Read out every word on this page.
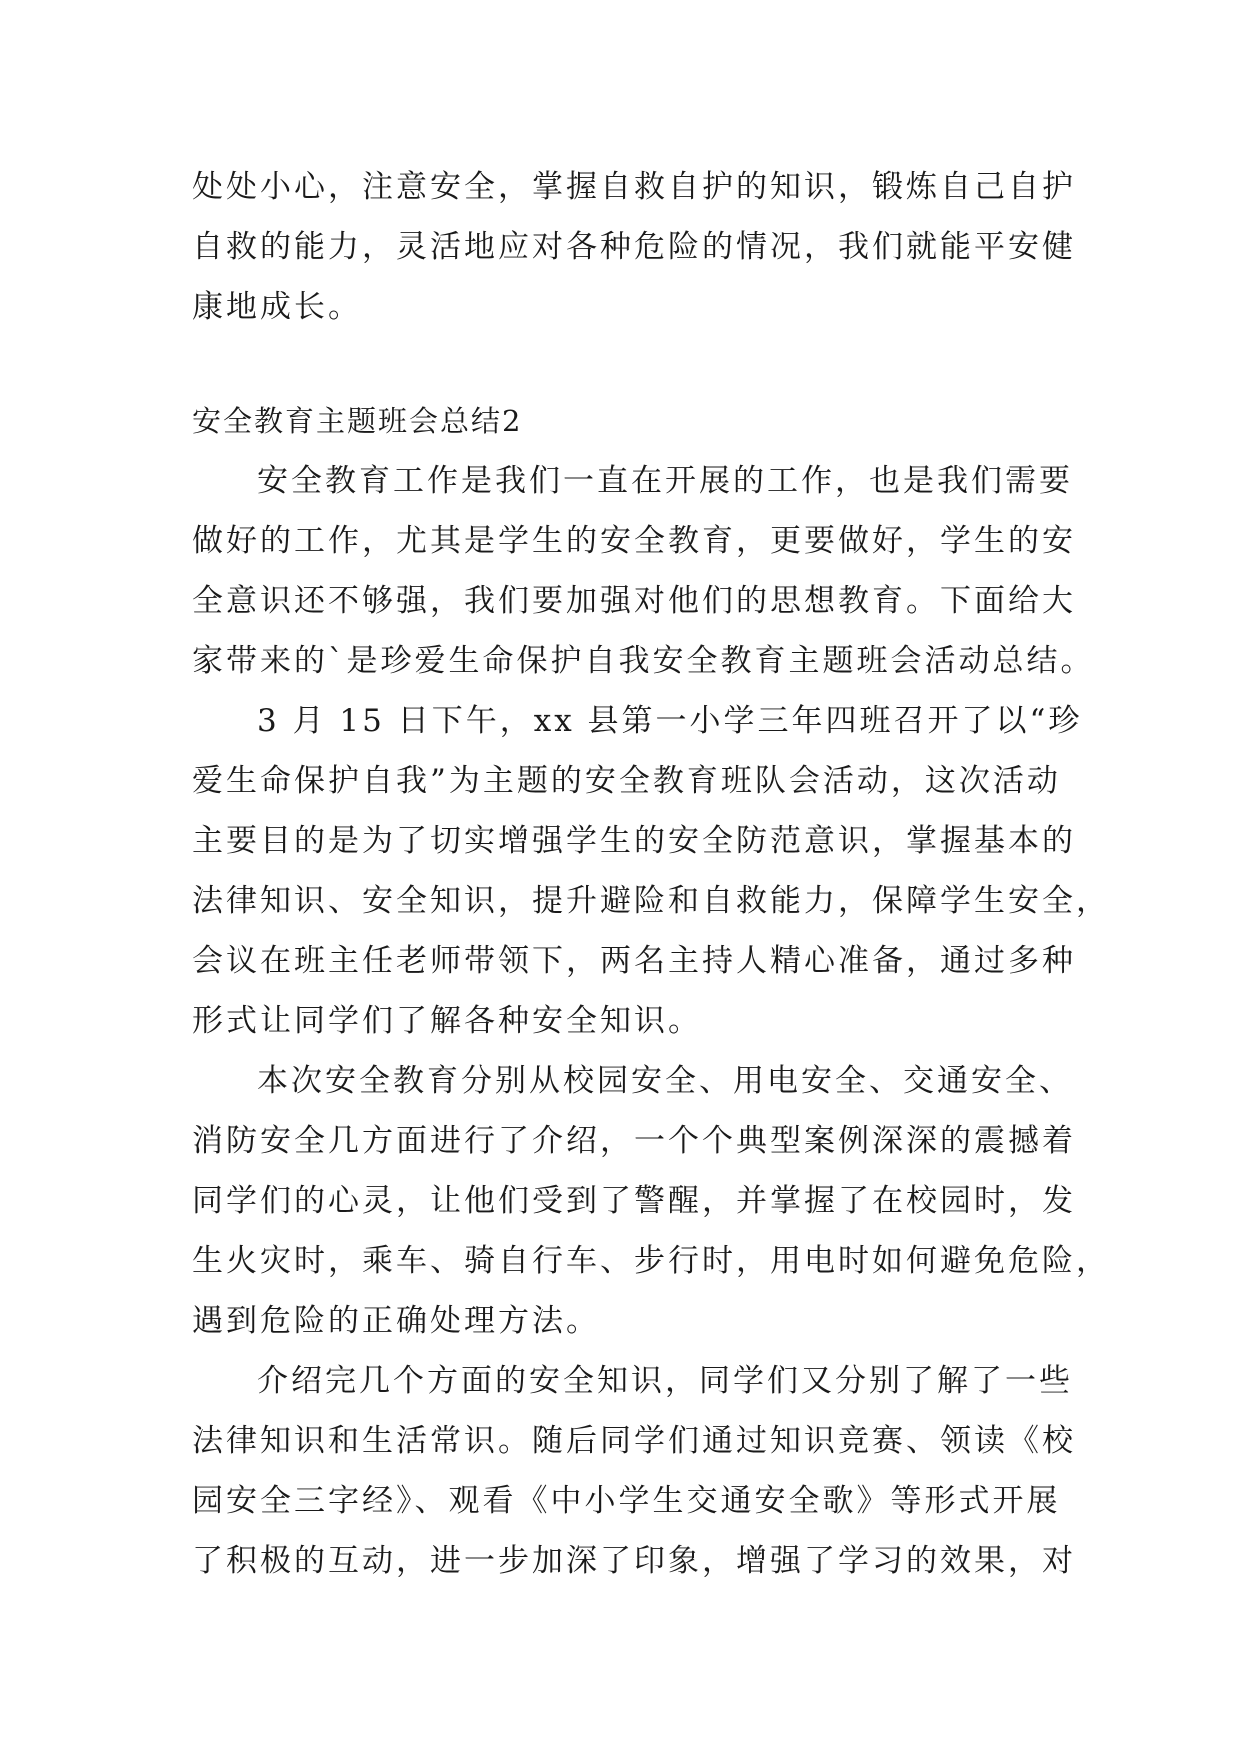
处处小心，注意安全，掌握自救自护的知识，锻炼自己自护
自救的能力，灵活地应对各种危险的情况，我们就能平安健
康地成长。
安全教育主题班会总结2
安全教育工作是我们一直在开展的工作，也是我们需要
做好的工作，尤其是学生的安全教育，更要做好，学生的安
全意识还不够强，我们要加强对他们的思想教育。下面给大
家带来的`是珍爱生命保护自我安全教育主题班会活动总结。
3 月 15 日下午，xx 县第一小学三年四班召开了以“珍
爱生命保护自我”为主题的安全教育班队会活动，这次活动
主要目的是为了切实增强学生的安全防范意识，掌握基本的
法律知识、安全知识，提升避险和自救能力，保障学生安全，
会议在班主任老师带领下，两名主持人精心准备，通过多种
形式让同学们了解各种安全知识。
本次安全教育分别从校园安全、用电安全、交通安全、
消防安全几方面进行了介绍，一个个典型案例深深的震撼着
同学们的心灵，让他们受到了警醒，并掌握了在校园时，发
生火灾时，乘车、骑自行车、步行时，用电时如何避免危险，
遇到危险的正确处理方法。
介绍完几个方面的安全知识，同学们又分别了解了一些
法律知识和生活常识。随后同学们通过知识竞赛、领读《校
园安全三字经》、观看《中小学生交通安全歌》等形式开展
了积极的互动，进一步加深了印象，增强了学习的效果，对
